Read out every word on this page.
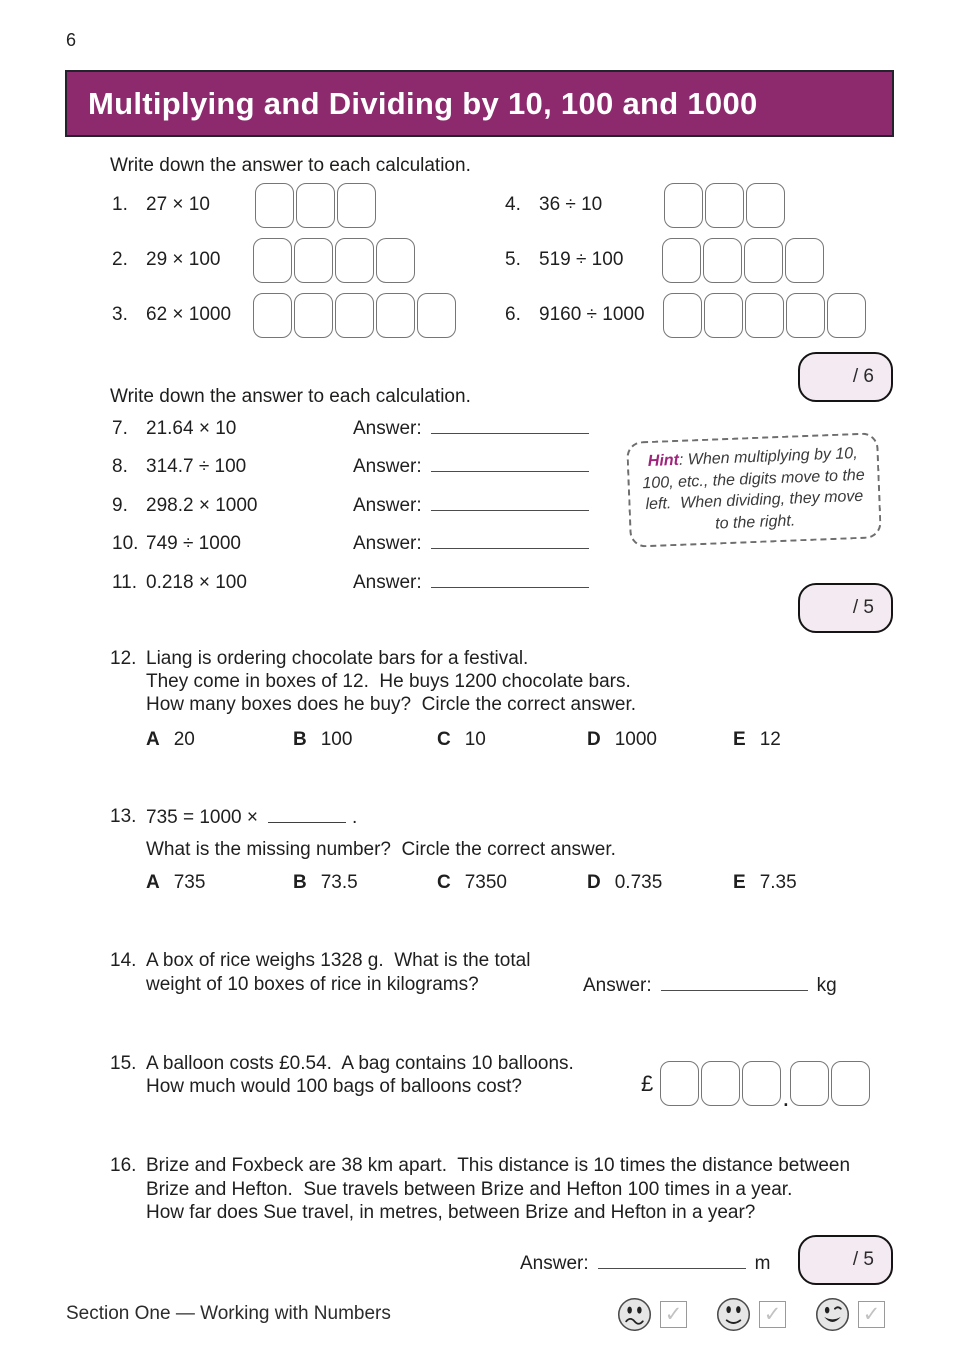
6
Multiplying and Dividing by 10, 100 and 1000
Write down the answer to each calculation.
1. 27 × 10
2. 29 × 100
3. 62 × 1000
4. 36 ÷ 10
5. 519 ÷ 100
6. 9160 ÷ 1000
/ 6
Write down the answer to each calculation.
7. 21.64 × 10	Answer:
8. 314.7 ÷ 100	Answer:
9. 298.2 × 1000	Answer:
10. 749 ÷ 1000	Answer:
11. 0.218 × 100	Answer:
Hint: When multiplying by 10, 100, etc., the digits move to the left.  When dividing, they move to the right.
/ 5
12. Liang is ordering chocolate bars for a festival.
They come in boxes of 12.  He buys 1200 chocolate bars.
How many boxes does he buy?  Circle the correct answer.
A 20	B 100	C 10	D 1000	E 12
13. 735 = 1000 ×	.
What is the missing number?  Circle the correct answer.
A 735	B 73.5	C 7350	D 0.735	E 7.35
14. A box of rice weighs 1328 g.  What is the total
weight of 10 boxes of rice in kilograms?	Answer:	kg
15. A balloon costs £0.54.  A bag contains 10 balloons.
How much would 100 bags of balloons cost?	£	.
16. Brize and Foxbeck are 38 km apart.  This distance is 10 times the distance between
Brize and Hefton.  Sue travels between Brize and Hefton 100 times in a year.
How far does Sue travel, in metres, between Brize and Hefton in a year?
Answer:	m	/ 5
Section One — Working with Numbers	✓	✓	✓
